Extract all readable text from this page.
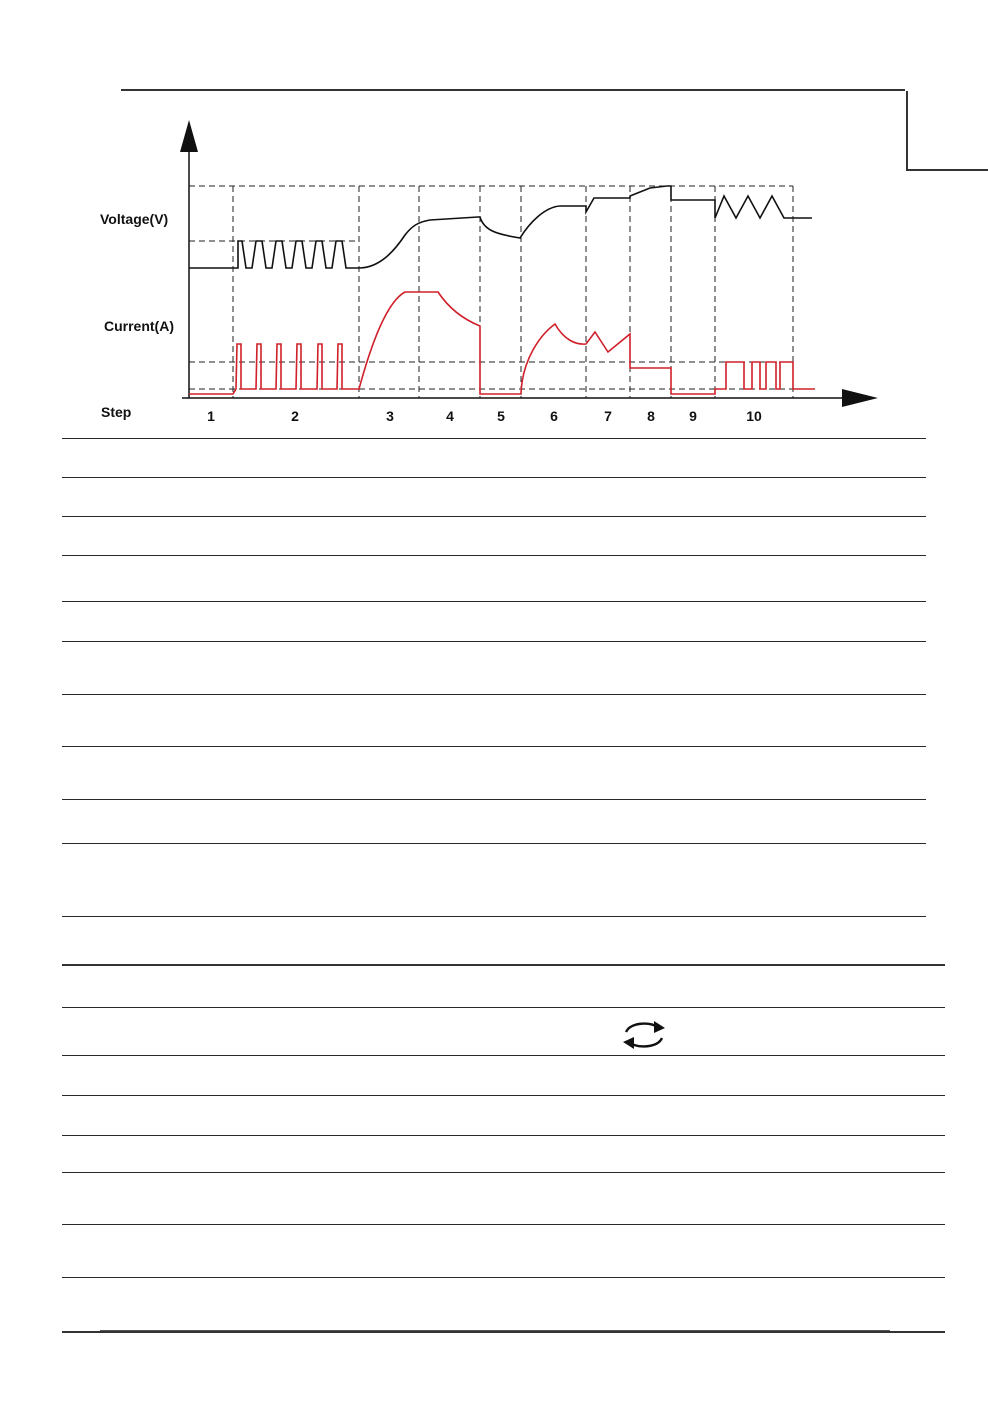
Voltage(V)
Current(A)
Step	1	2	3	4	5	6	7	8 9	10
